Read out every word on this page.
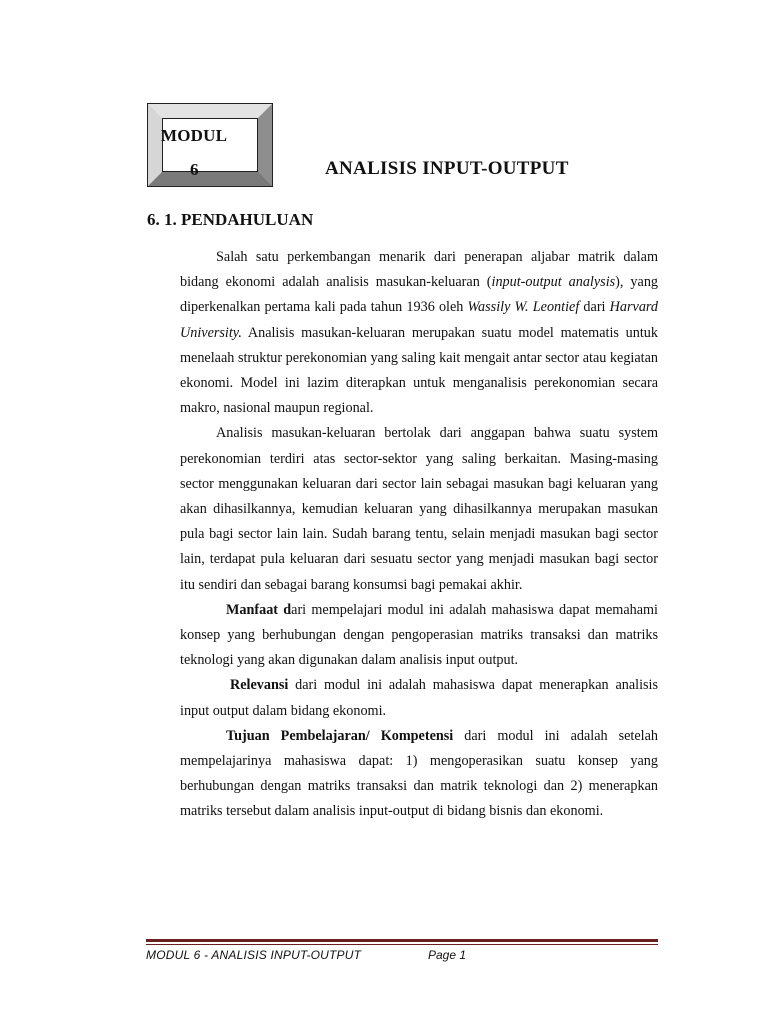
MODUL
6	ANALISIS INPUT-OUTPUT
6. 1. PENDAHULUAN

Salah satu perkembangan menarik dari penerapan aljabar matrik dalam bidang ekonomi adalah analisis masukan-keluaran (input-output analysis), yang diperkenalkan pertama kali pada tahun 1936 oleh Wassily W. Leontief dari Harvard University. Analisis masukan-keluaran merupakan suatu model matematis untuk menelaah struktur perekonomian yang saling kait mengait antar sector atau kegiatan ekonomi. Model ini lazim diterapkan untuk menganalisis perekonomian secara makro, nasional maupun regional.

Analisis masukan-keluaran bertolak dari anggapan bahwa suatu system perekonomian terdiri atas sector-sektor yang saling berkaitan. Masing-masing sector menggunakan keluaran dari sector lain sebagai masukan bagi keluaran yang akan dihasilkannya, kemudian keluaran yang dihasilkannya merupakan masukan pula bagi sector lain lain. Sudah barang tentu, selain menjadi masukan bagi sector lain, terdapat pula keluaran dari sesuatu sector yang menjadi masukan bagi sector itu sendiri dan sebagai barang konsumsi bagi pemakai akhir.

Manfaat dari mempelajari modul ini adalah mahasiswa dapat memahami konsep yang berhubungan dengan pengoperasian matriks transaksi dan matriks teknologi yang akan digunakan dalam analisis input output.

Relevansi dari modul ini adalah mahasiswa dapat menerapkan analisis input output dalam bidang ekonomi.

Tujuan Pembelajaran/ Kompetensi dari modul ini adalah setelah mempelajarinya mahasiswa dapat: 1) mengoperasikan suatu konsep yang berhubungan dengan matriks transaksi dan matrik teknologi dan 2) menerapkan matriks tersebut dalam analisis input-output di bidang bisnis dan ekonomi.

MODUL 6 - ANALISIS INPUT-OUTPUT	Page 1
